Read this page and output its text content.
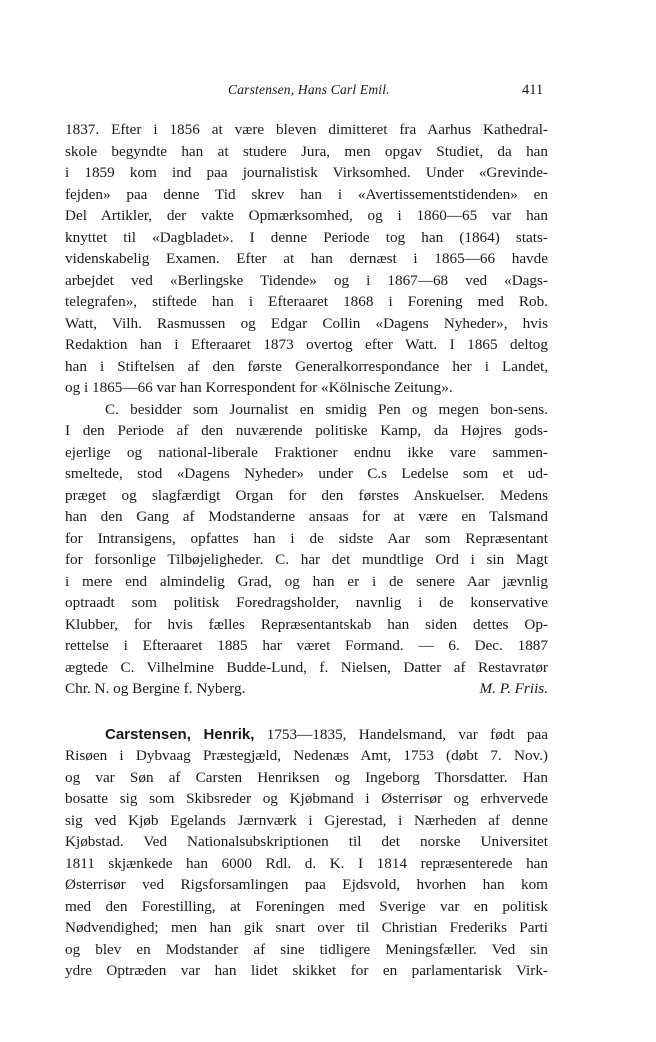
Carstensen, Hans Carl Emil.	411
1837. Efter i 1856 at være bleven dimitteret fra Aarhus Kathedral-
skole begyndte han at studere Jura, men opgav Studiet, da han
i 1859 kom ind paa journalistisk Virksomhed. Under «Grevinde-
fejden» paa denne Tid skrev han i «Avertissementstidenden» en
Del Artikler, der vakte Opmærksomhed, og i 1860—65 var han
knyttet til «Dagbladet». I denne Periode tog han (1864) stats-
videnskabelig Examen. Efter at han dernæst i 1865—66 havde
arbejdet ved «Berlingske Tidende» og i 1867—68 ved «Dags-
telegrafen», stiftede han i Efteraaret 1868 i Forening med Rob.
Watt, Vilh. Rasmussen og Edgar Collin «Dagens Nyheder», hvis
Redaktion han i Efteraaret 1873 overtog efter Watt. I 1865 deltog
han i Stiftelsen af den første Generalkorrespondance her i Landet,
og i 1865—66 var han Korrespondent for «Kölnische Zeitung».
C. besidder som Journalist en smidig Pen og megen bon-sens.
I den Periode af den nuværende politiske Kamp, da Højres gods-
ejerlige og national-liberale Fraktioner endnu ikke vare sammen-
smeltede, stod «Dagens Nyheder» under C.s Ledelse som et ud-
præget og slagfærdigt Organ for den førstes Anskuelser. Medens
han den Gang af Modstanderne ansaas for at være en Talsmand
for Intransigens, opfattes han i de sidste Aar som Repræsentant
for forsonlige Tilbøjeligheder. C. har det mundtlige Ord i sin Magt
i mere end almindelig Grad, og han er i de senere Aar jævnlig
optraadt som politisk Foredragsholder, navnlig i de konservative
Klubber, for hvis fælles Repræsentantskab han siden dettes Op-
rettelse i Efteraaret 1885 har været Formand. — 6. Dec. 1887
ægtede C. Vilhelmine Budde-Lund, f. Nielsen, Datter af Restavratør
Chr. N. og Bergine f. Nyberg.	M. P. Friis.
Carstensen, Henrik, 1753—1835, Handelsmand, var født paa
Risøen i Dybvaag Præstegjæld, Nedenæs Amt, 1753 (døbt 7. Nov.)
og var Søn af Carsten Henriksen og Ingeborg Thorsdatter. Han
bosatte sig som Skibsreder og Kjøbmand i Østerrisør og erhvervede
sig ved Kjøb Egelands Jærnværk i Gjerestad, i Nærheden af denne
Kjøbstad. Ved Nationalsubskriptionen til det norske Universitet
1811 skjænkede han 6000 Rdl. d. K. I 1814 repræsenterede han
Østerrisør ved Rigsforsamlingen paa Ejdsvold, hvorhen han kom
med den Forestilling, at Foreningen med Sverige var en politisk
Nødvendighed; men han gik snart over til Christian Frederiks Parti
og blev en Modstander af sine tidligere Meningsfæller. Ved sin
ydre Optræden var han lidet skikket for en parlamentarisk Virk-
